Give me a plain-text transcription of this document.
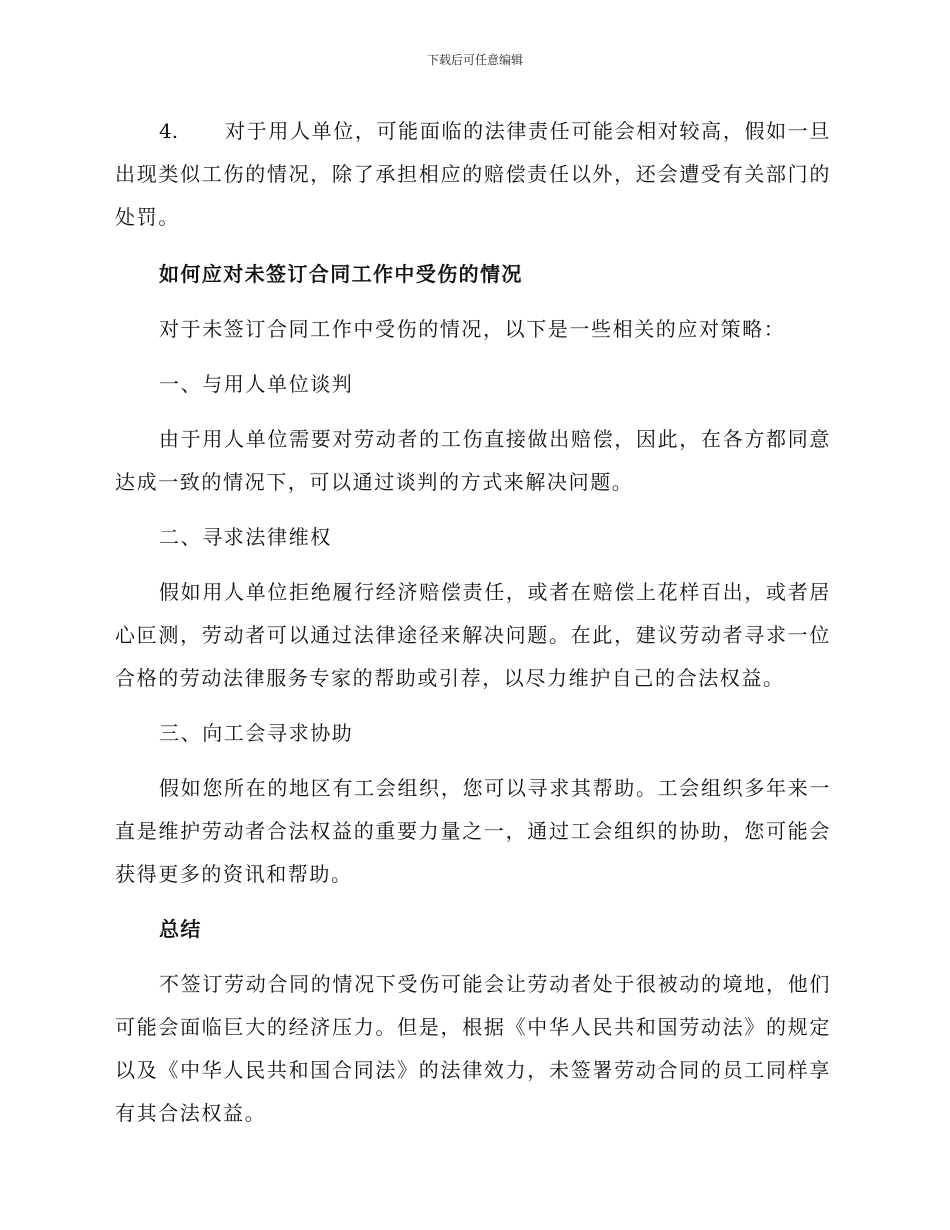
下载后可任意编辑

4. 对于用人单位，可能面临的法律责任可能会相对较高，假如一旦出现类似工伤的情况，除了承担相应的赔偿责任以外，还会遭受有关部门的处罚。

如何应对未签订合同工作中受伤的情况

对于未签订合同工作中受伤的情况，以下是一些相关的应对策略：

一、与用人单位谈判

由于用人单位需要对劳动者的工伤直接做出赔偿，因此，在各方都同意达成一致的情况下，可以通过谈判的方式来解决问题。

二、寻求法律维权

假如用人单位拒绝履行经济赔偿责任，或者在赔偿上花样百出，或者居心叵测，劳动者可以通过法律途径来解决问题。在此，建议劳动者寻求一位合格的劳动法律服务专家的帮助或引荐，以尽力维护自己的合法权益。

三、向工会寻求协助

假如您所在的地区有工会组织，您可以寻求其帮助。工会组织多年来一直是维护劳动者合法权益的重要力量之一，通过工会组织的协助，您可能会获得更多的资讯和帮助。

总结

不签订劳动合同的情况下受伤可能会让劳动者处于很被动的境地，他们可能会面临巨大的经济压力。但是，根据《中华人民共和国劳动法》的规定以及《中华人民共和国合同法》的法律效力，未签署劳动合同的员工同样享有其合法权益。
